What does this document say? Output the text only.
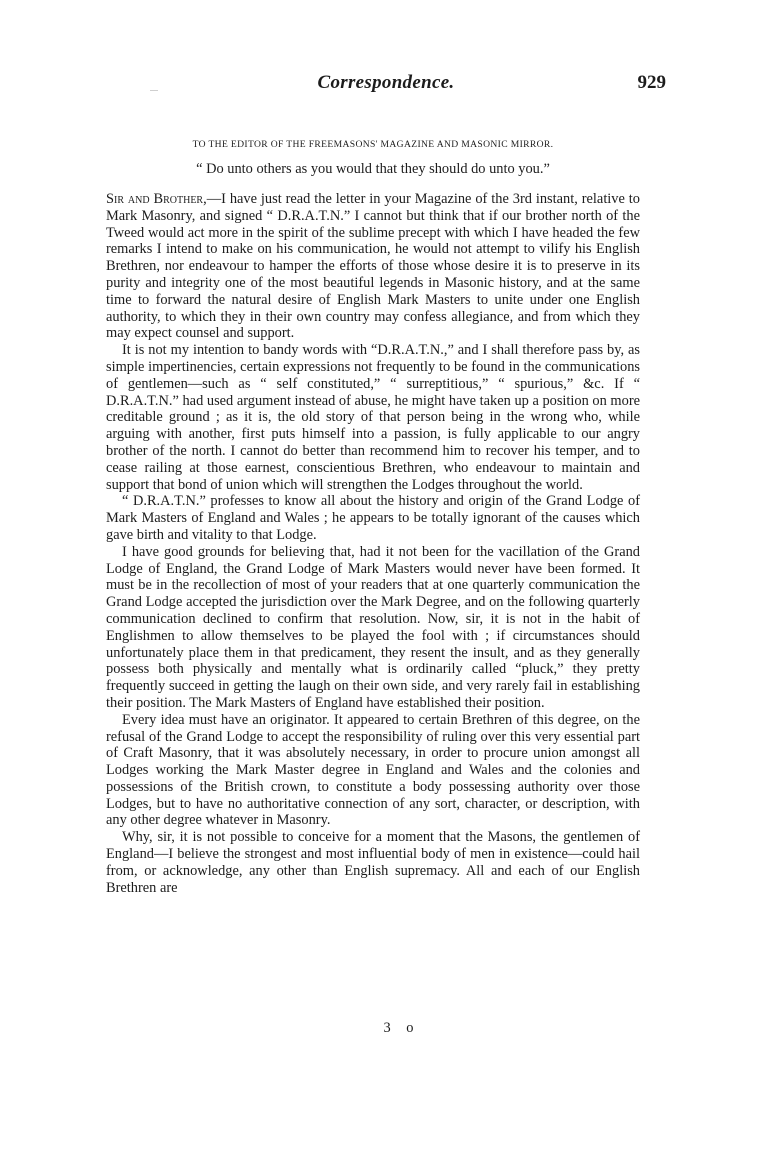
Correspondence.	929

TO THE EDITOR OF THE FREEMASONS' MAGAZINE AND MASONIC MIRROR.

“ Do unto others as you would that they should do unto you.”

Sir and Brother,—I have just read the letter in your Magazine of the 3rd instant, relative to Mark Masonry, and signed “ D.R.A.T.N.” I cannot but think that if our brother north of the Tweed would act more in the spirit of the sublime precept with which I have headed the few remarks I intend to make on his communication, he would not attempt to vilify his English Brethren, nor endeavour to hamper the efforts of those whose desire it is to preserve in its purity and integrity one of the most beautiful legends in Masonic history, and at the same time to forward the natural desire of English Mark Masters to unite under one English authority, to which they in their own country may confess allegiance, and from which they may expect counsel and support.

It is not my intention to bandy words with “D.R.A.T.N.,” and I shall therefore pass by, as simple impertinencies, certain expressions not frequently to be found in the communications of gentlemen—such as “ self constituted,” “ surreptitious,” “ spurious,” &c. If “ D.R.A.T.N.” had used argument instead of abuse, he might have taken up a position on more creditable ground ; as it is, the old story of that person being in the wrong who, while arguing with another, first puts himself into a passion, is fully applicable to our angry brother of the north. I cannot do better than recommend him to recover his temper, and to cease railing at those earnest, conscientious Brethren, who endeavour to maintain and support that bond of union which will strengthen the Lodges throughout the world.

“ D.R.A.T.N.” professes to know all about the history and origin of the Grand Lodge of Mark Masters of England and Wales ; he appears to be totally ignorant of the causes which gave birth and vitality to that Lodge.

I have good grounds for believing that, had it not been for the vacillation of the Grand Lodge of England, the Grand Lodge of Mark Masters would never have been formed. It must be in the recollection of most of your readers that at one quarterly communication the Grand Lodge accepted the jurisdiction over the Mark Degree, and on the following quarterly communication declined to confirm that resolution. Now, sir, it is not in the habit of Englishmen to allow themselves to be played the fool with ; if circumstances should unfortunately place them in that predicament, they resent the insult, and as they generally possess both physically and mentally what is ordinarily called “pluck,” they pretty frequently succeed in getting the laugh on their own side, and very rarely fail in establishing their position. The Mark Masters of England have established their position.

Every idea must have an originator. It appeared to certain Brethren of this degree, on the refusal of the Grand Lodge to accept the responsibility of ruling over this very essential part of Craft Masonry, that it was absolutely necessary, in order to procure union amongst all Lodges working the Mark Master degree in England and Wales and the colonies and possessions of the British crown, to constitute a body possessing authority over those Lodges, but to have no authoritative connection of any sort, character, or description, with any other degree whatever in Masonry.

Why, sir, it is not possible to conceive for a moment that the Masons, the gentlemen of England—I believe the strongest and most influential body of men in existence—could hail from, or acknowledge, any other than English supremacy. All and each of our English Brethren are

3 o
